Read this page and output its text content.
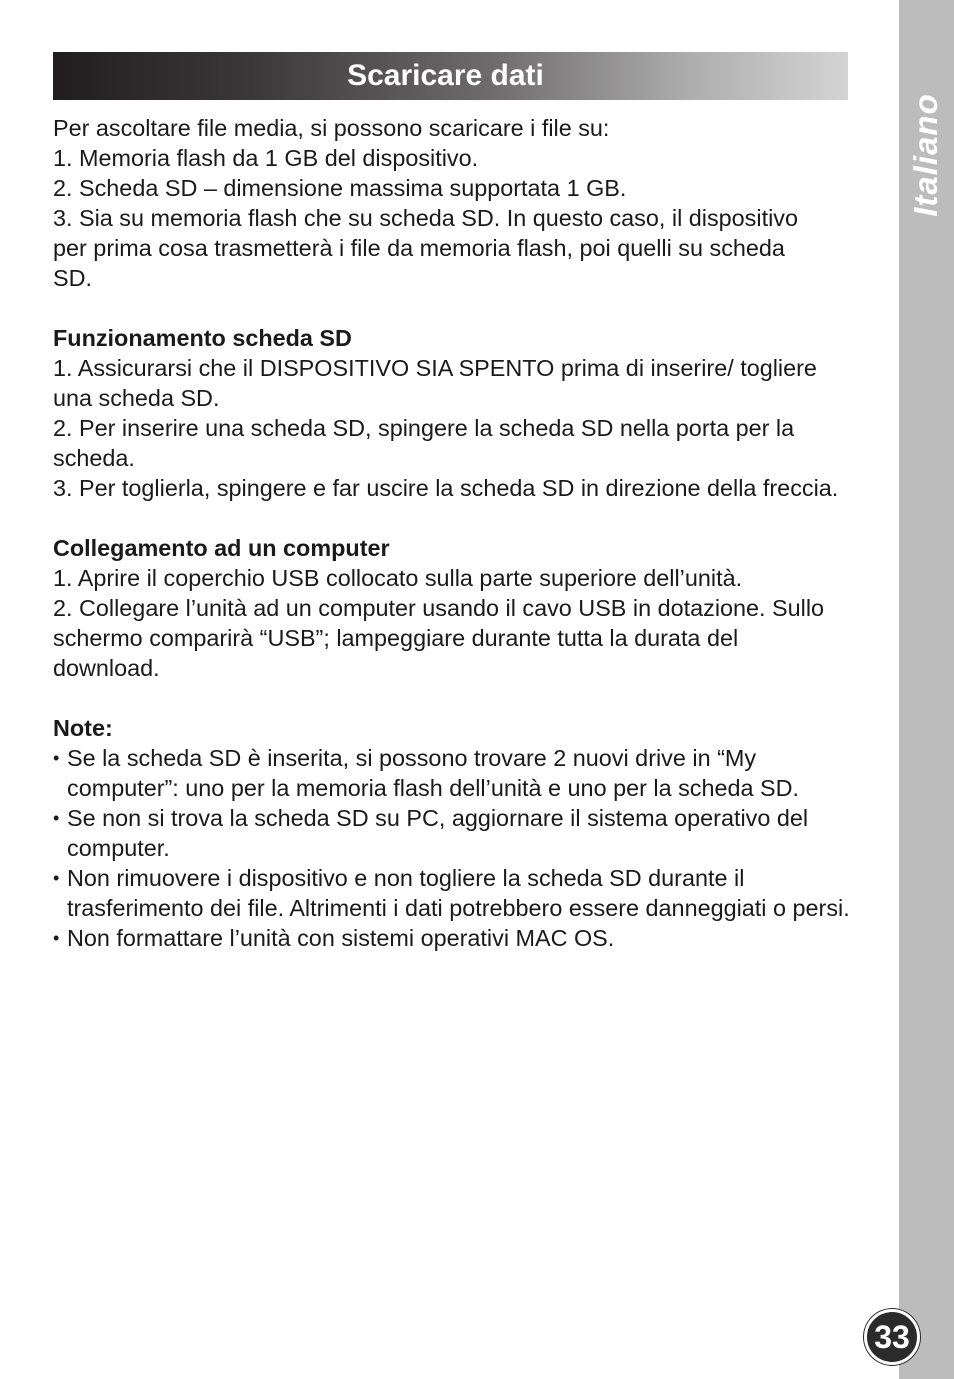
Scaricare dati

Per ascoltare file media, si possono scaricare i file su:

1. Memoria flash da 1 GB del dispositivo.

2. Scheda SD – dimensione massima supportata 1 GB.

3. Sia su memoria flash che su scheda SD. In questo caso, il dispositivo per prima cosa trasmetterà i file da memoria flash, poi quelli su scheda SD.

Funzionamento scheda SD

1. Assicurarsi che il DISPOSITIVO SIA SPENTO prima di inserire/ togliere una scheda SD.

2. Per inserire una scheda SD, spingere la scheda SD nella porta per la scheda.

3. Per toglierla, spingere e far uscire la scheda SD in direzione della freccia.

Collegamento ad un computer

1. Aprire il coperchio USB collocato sulla parte superiore dell’unità.

2. Collegare l’unità ad un computer usando il cavo USB in dotazione. Sullo schermo comparirà “USB”; lampeggiare durante tutta la durata del download.

Note:

• Se la scheda SD è inserita, si possono trovare 2 nuovi drive in “My computer”: uno per la memoria flash dell’unità e uno per la scheda SD.

• Se non si trova la scheda SD su PC, aggiornare il sistema operativo del computer.

• Non rimuovere i dispositivo e non togliere la scheda SD durante il trasferimento dei file. Altrimenti i dati potrebbero essere danneggiati o persi.

• Non formattare l’unità con sistemi operativi MAC OS.

Italiano
33
